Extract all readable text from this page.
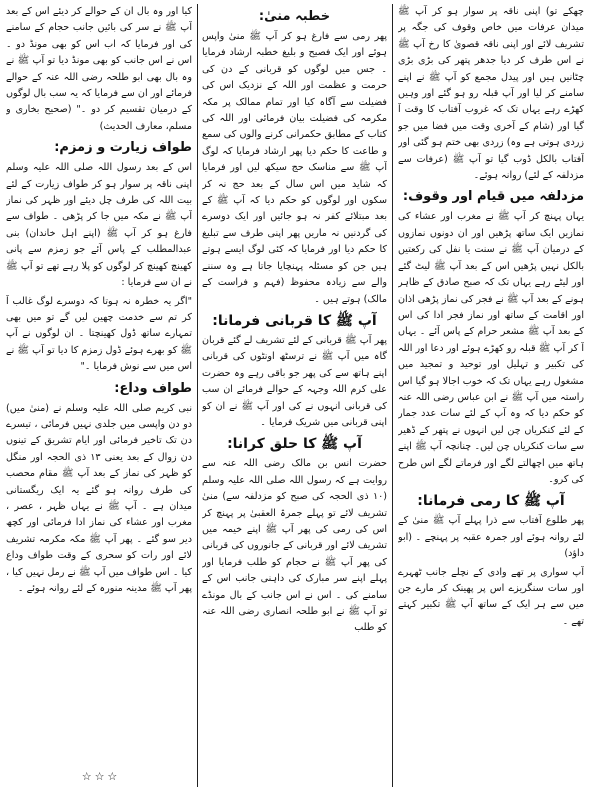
چھکے تو) اپنی ناقہ پر سوار ہو کر آپ ﷺ میدان عرفات میں خاص وقوف کی جگہ پر تشریف لائے اور اپنی ناقہ قصویٰ کا رخ آپ ﷺ نے اس طرف کر دیا جدھر پتھر کی بڑی بڑی چٹانیں ہیں اور پیدل مجمع کو آپ ﷺ نے اپنے سامنے کر لیا اور آپ قبلہ رو ہو گئے اور وہیں کھڑے رہے یہاں تک کہ غروب آفتاب کا وقت آ گیا اور (شام کے آخری وقت میں فضا میں جو زردی ہوتی ہے وہ) زردی بھی ختم ہو گئی اور آفتاب بالکل ڈوب گیا تو آپ ﷺ (عرفات سے مزدلفہ کے لئے) روانہ ہوئے۔

مزدلفہ میں قیام اور وقوف:

یہاں پہنچ کر آپ ﷺ نے مغرب اور عشاء کی نمازیں ایک ساتھ پڑھیں اور ان دونوں نمازوں کے درمیان آپ ﷺ نے سنت یا نفل کی رکعتیں بالکل نہیں پڑھیں اس کے بعد آپ ﷺ لیٹ گئے اور لیٹے رہے یہاں تک کہ صبح صادق کے ظاہر ہونے کے بعد آپ ﷺ نے فجر کی نماز پڑھی اذان اور اقامت کے ساتھ اور نماز فجر ادا کی اس کے بعد آپ ﷺ مشعر حرام کے پاس آئے ۔ یہاں آ کر آپ ﷺ قبلہ رو کھڑے ہوئے اور دعا اور اللہ کی تکبیر و تہلیل اور توحید و تمجید میں مشغول رہے یہاں تک کہ خوب اجالا ہو گیا اس راستہ میں آپ ﷺ نے ابن عباس رضی اللہ عنہ کو حکم دیا کہ وہ آپ کے لئے سات عدد جمار کے لئے کنکریاں چن لیں انہوں نے پتھر کے ڈھیر سے سات کنکریاں چن لیں۔ چنانچہ آپ ﷺ اپنے ہاتھ میں اچھالتے لگے اور فرماتے لگے اس طرح کی کرو۔

آپ ﷺ کا رمی فرمانا:

پھر طلوع آفتاب سے ذرا پہلے آپ ﷺ منیٰ کے لئے روانہ ہوئے اور جمرہ عقبہ پر پہنچے ۔ (ابو داؤد)

آپ سواری پر تھے وادی کے نچلے جانب ٹھہرے اور سات سنگریزے اس پر پھینک کر مارے جن میں سے ہر ایک کے ساتھ آپ ﷺ تکبیر کہتے تھے ۔

خطبہ منیٰ:

پھر رمی سے فارغ ہو کر آپ ﷺ منیٰ واپس ہوئے اور ایک فصیح و بلیغ خطبہ ارشاد فرمایا ۔ جس میں لوگوں کو قربانی کے دن کی حرمت و عظمت اور اللہ کے نزدیک اس کی فضیلت سے آگاہ کیا اور تمام ممالک پر مکہ مکرمہ کی فضیلت بیان فرمائی اور اللہ کی کتاب کے مطابق حکمرانی کرنے والوں کی سمع و طاعت کا حکم دیا پھر ارشاد فرمایا کہ لوگ آپ ﷺ سے مناسک حج سیکھ لیں اور فرمایا کہ شاید میں اس سال کے بعد حج نہ کر سکوں اور لوگوں کو حکم دیا کہ آپ ﷺ کے بعد مبتلائے کفر نہ ہو جائیں اور ایک دوسرے کی گردنیں نہ ماریں پھر اپنی طرف سے تبلیغ کا حکم دیا اور فرمایا کہ کئی لوگ ایسے ہوتے ہیں جن کو مسئلہ پہنچایا جاتا ہے وہ سننے والے سے زیادہ محفوظ (فہم و فراست کے مالک) ہوتے ہیں ۔

آپ ﷺ کا قربانی فرمانا:

پھر آپ ﷺ قربانی کے لئے تشریف لے گئے قربان گاہ میں آپ ﷺ نے ترسٹھ اونٹوں کی قربانی اپنے ہاتھ سے کی پھر جو باقی رہے وہ حضرت علی کرم اللہ وجہہ کے حوالے فرمائے ان سب کی قربانی انہوں نے کی اور آپ ﷺ نے ان کو اپنی قربانی میں شریک فرمایا ۔

آپ ﷺ کا حلق کرانا:

حضرت انس بن مالک رضی اللہ عنہ سے روایت ہے کہ رسول اللہ صلی اللہ علیہ وسلم (۱۰ ذی الحجہ کی صبح کو مزدلفہ سے) منیٰ تشریف لائے تو پہلے جمرۃ العقبیٰ پر پہنچ کر اس کی رمی کی پھر آپ ﷺ اپنے خیمہ میں تشریف لائے اور قربانی کے جانوروں کی قربانی کی پھر آپ ﷺ نے حجام کو طلب فرمایا اور پہلے اپنے سر مبارک کی داہنی جانب اس کے سامنے کی ۔ اس نے اس جانب کے بال مونڈے تو آپ ﷺ نے ابو طلحہ انصاری رضی اللہ عنہ کو طلب

کیا اور وہ بال ان کے حوالے کر دیئے اس کے بعد آپ ﷺ نے سر کی بائیں جانب حجام کے سامنے کی اور فرمایا کہ اب اس کو بھی مونڈ دو ۔ اس نے اس جانب کو بھی مونڈ دیا تو آپ ﷺ نے وہ بال بھی ابو طلحہ رضی اللہ عنہ کے حوالے فرمائے اور ان سے فرمایا کہ یہ سب بال لوگوں کے درمیان تقسیم کر دو ۔" (صحیح بخاری و مسلم، معارف الحدیث)

طواف زیارت و زمزم:

اس کے بعد رسول اللہ صلی اللہ علیہ وسلم اپنی ناقہ پر سوار ہو کر طواف زیارت کے لئے بیت اللہ کی طرف چل دیئے اور ظہر کی نماز آپ ﷺ نے مکہ میں جا کر پڑھی ۔ طواف سے فارغ ہو کر آپ ﷺ (اپنے اہل خاندان) بنی عبدالمطلب کے پاس آئے جو زمزم سے پانی کھینچ کھینچ کر لوگوں کو پلا رہے تھے تو آپ ﷺ نے ان سے فرمایا :

"اگر یہ خطرہ نہ ہوتا کہ دوسرے لوگ غالب آ کر تم سے خدمت چھین لیں گے تو میں بھی تمہارے ساتھ ڈول کھینچتا ۔ ان لوگوں نے آپ ﷺ کو بھرے ہوئے ڈول زمزم کا دیا تو آپ ﷺ نے اس میں سے نوش فرمایا ۔"

طواف وداع:

نبی کریم صلی اللہ علیہ وسلم نے (منیٰ میں) دو دن واپسی میں جلدی نہیں فرمائی ، تیسرے دن تک تاخیر فرمائی اور ایام تشریق کے تینوں دن زوال کے بعد یعنی ۱۳ ذی الحجہ اور منگل کو ظہر کی نماز کے بعد آپ ﷺ مقام محصب کی طرف روانہ ہو گئے یہ ایک ریگستانی میدان ہے ۔ آپ ﷺ نے یہاں ظہر ، عصر ، مغرب اور عشاء کی نماز ادا فرمائی اور کچھ دیر سو گئے ۔ پھر آپ ﷺ مکہ مکرمہ تشریف لائے اور رات کو سحری کے وقت طواف وداع کیا ۔ اس طواف میں آپ ﷺ نے رمل نہیں کیا ، پھر آپ ﷺ مدینہ منورہ کے لئے روانہ ہوئے ۔

☆☆☆
